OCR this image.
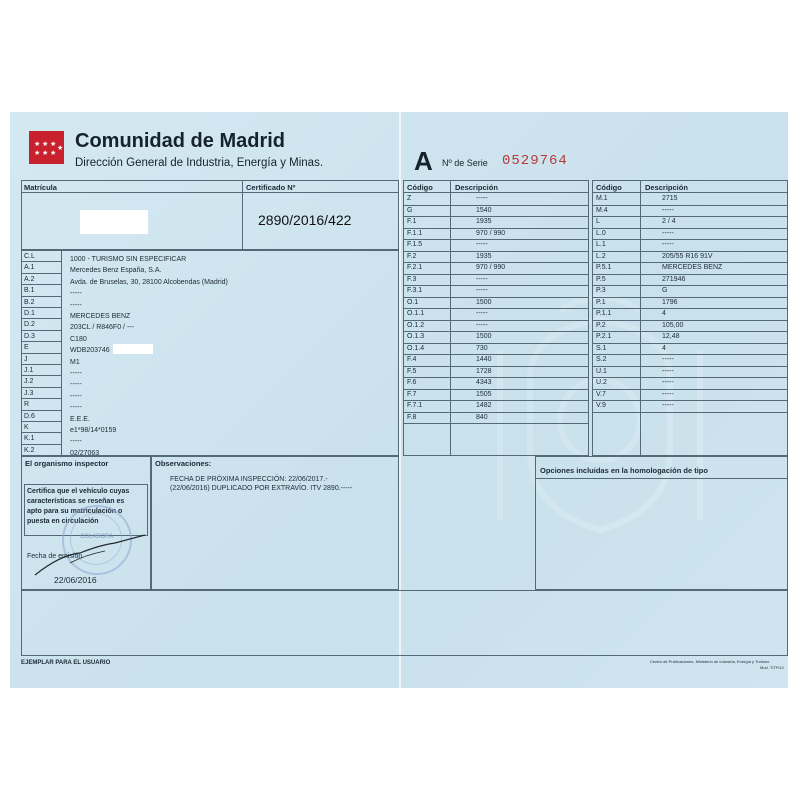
★ ★ ★
★ ★ ★
★ Comunidad de Madrid
Dirección General de Industria, Energía y Minas.	A Nº de Serie 0529764
Matrícula	Certificado Nº
2890/2016/422
C.L	1000 - TURISMO SIN ESPECIFICAR
A.1	Mercedes Benz España, S.A.
A.2	Avda. de Bruselas, 30, 28100 Alcobendas (Madrid)
B.1	-----
B.2	-----
D.1	MERCEDES BENZ
D.2	203CL / R846F0 / ---
D.3	C180
E	WDB203746
J	M1
J.1	-----
J.2	-----
J.3	-----
R	-----
D.6	E.E.E.
K	e1*98/14*0159
K.1	-----
K.2	02/27063
Código	Descripción
Z	-----
G	1540
F.1	1935
F.1.1	970 / 990
F.1.5	-----
F.2	1935
F.2.1	970 / 990
F.3	-----
F.3.1	-----
O.1	1500
O.1.1	-----
O.1.2	-----
O.1.3	1500
O.1.4	730
F.4	1440
F.5	1728
F.6	4343
F.7	1505
F.7.1	1482
F.8	840
Código	Descripción
M.1	2715
M.4	-----
L	2 / 4
L.0	-----
L.1	-----
L.2	205/55 R16 91V
P.5.1	MERCEDES BENZ
P.5	271946
P.3	G
P.1	1796
P.1.1	4
P.2	105,00
P.2.1	12,48
S.1	4
S.2	-----
U.1	-----
U.2	-----
V.7	-----
V.9	-----
El organismo inspector
Certifica que el vehículo cuyas
características se reseñan es
apto para su matriculación o
puesta en circulación
COLABORA
Fecha de emisión
22/06/2016
Observaciones:
FECHA DE PRÓXIMA INSPECCIÓN: 22/06/2017.-
(22/06/2016) DUPLICADO POR EXTRAVÍO. ITV 2890.-----
Opciones incluidas en la homologación de tipo
EJEMPLAR PARA EL USUARIO	Centro de Publicaciones. Ministerio de Industria, Energía y Turismo
Mod. TITFUX
